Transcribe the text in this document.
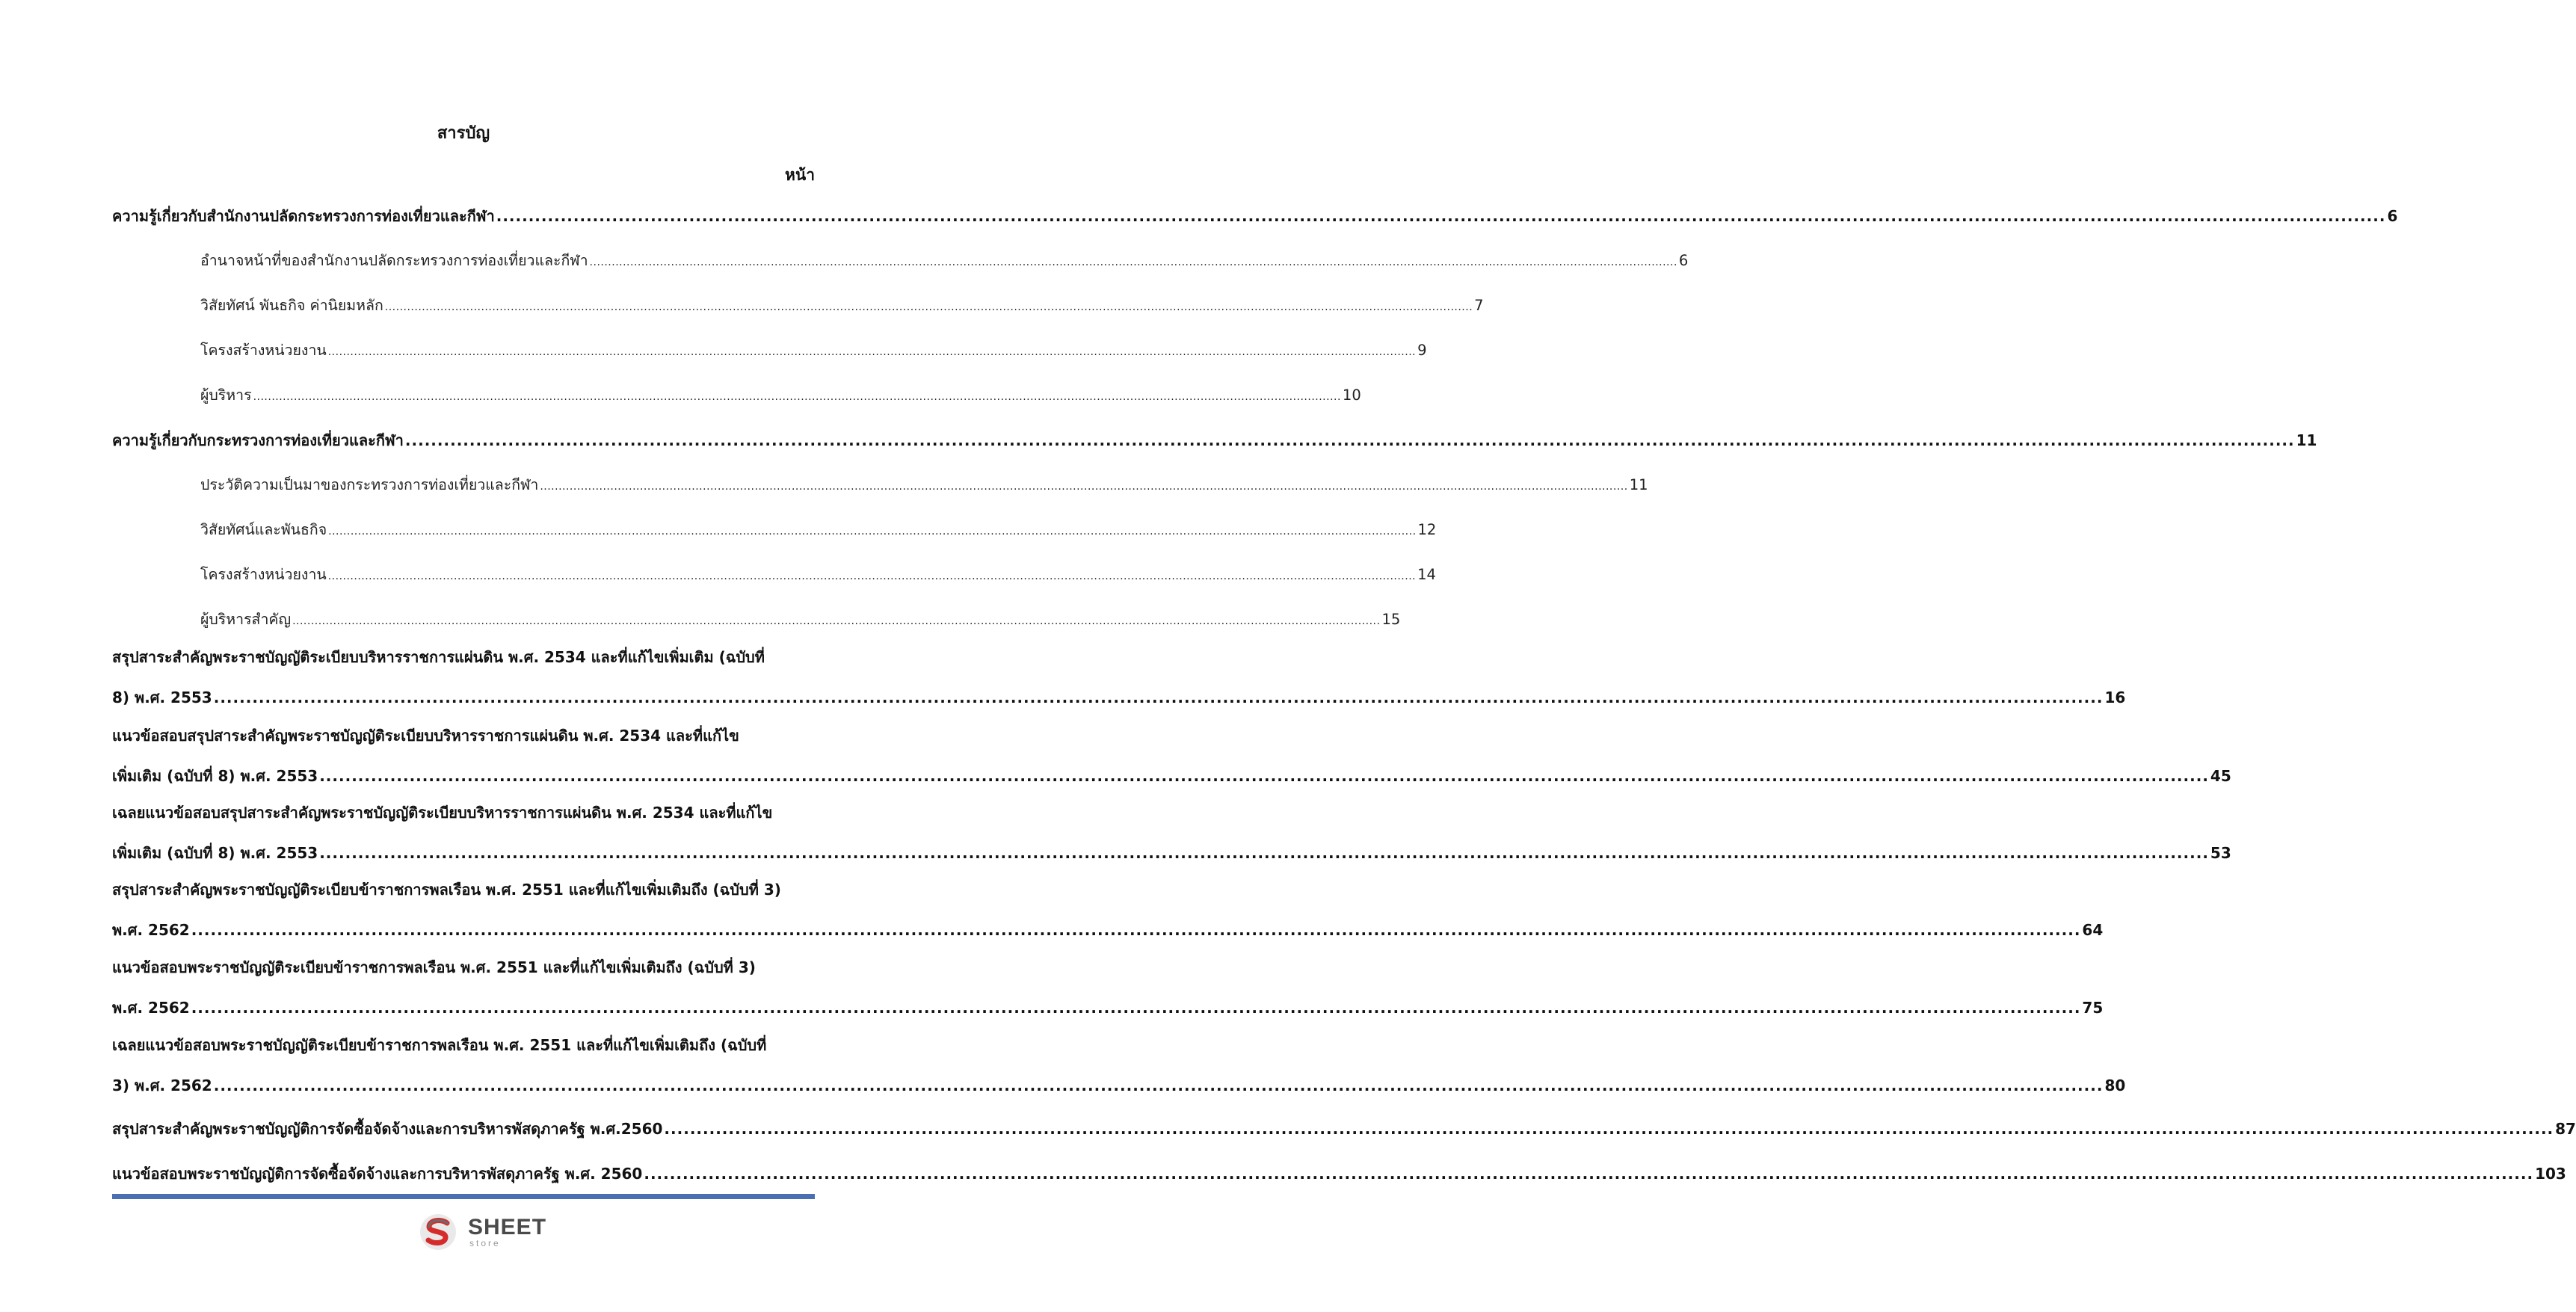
สารบัญ
หน้า
ความรู้เกี่ยวกับสำนักงานปลัดกระทรวงการท่องเที่ยวและกีฬา ...................................................................................................................................................................................................................................................................................................... 6
อำนาจหน้าที่ของสำนักงานปลัดกระทรวงการท่องเที่ยวและกีฬา ...................................................................................................................................................................................................................................................................................................... 6
วิสัยทัศน์ พันธกิจ ค่านิยมหลัก ...................................................................................................................................................................................................................................................................................................... 7
โครงสร้างหน่วยงาน ...................................................................................................................................................................................................................................................................................................... 9
ผู้บริหาร ...................................................................................................................................................................................................................................................................................................... 10
ความรู้เกี่ยวกับกระทรวงการท่องเที่ยวและกีฬา ...................................................................................................................................................................................................................................................................................................... 11
ประวัติความเป็นมาของกระทรวงการท่องเที่ยวและกีฬา ...................................................................................................................................................................................................................................................................................................... 11
วิสัยทัศน์และพันธกิจ ...................................................................................................................................................................................................................................................................................................... 12
โครงสร้างหน่วยงาน ...................................................................................................................................................................................................................................................................................................... 14
ผู้บริหารสำคัญ ...................................................................................................................................................................................................................................................................................................... 15
สรุปสาระสำคัญพระราชบัญญัติระเบียบบริหารราชการแผ่นดิน พ.ศ. 2534 และที่แก้ไขเพิ่มเติม (ฉบับที่
8) พ.ศ. 2553 ...................................................................................................................................................................................................................................................................................................... 16
แนวข้อสอบสรุปสาระสำคัญพระราชบัญญัติระเบียบบริหารราชการแผ่นดิน พ.ศ. 2534 และที่แก้ไข
เพิ่มเติม (ฉบับที่ 8) พ.ศ. 2553 ...................................................................................................................................................................................................................................................................................................... 45
เฉลยแนวข้อสอบสรุปสาระสำคัญพระราชบัญญัติระเบียบบริหารราชการแผ่นดิน พ.ศ. 2534 และที่แก้ไข
เพิ่มเติม (ฉบับที่ 8) พ.ศ. 2553 ...................................................................................................................................................................................................................................................................................................... 53
สรุปสาระสำคัญพระราชบัญญัติระเบียบข้าราชการพลเรือน พ.ศ. 2551 และที่แก้ไขเพิ่มเติมถึง (ฉบับที่ 3)
พ.ศ. 2562 ...................................................................................................................................................................................................................................................................................................... 64
แนวข้อสอบพระราชบัญญัติระเบียบข้าราชการพลเรือน พ.ศ. 2551 และที่แก้ไขเพิ่มเติมถึง (ฉบับที่ 3)
พ.ศ. 2562 ...................................................................................................................................................................................................................................................................................................... 75
เฉลยแนวข้อสอบพระราชบัญญัติระเบียบข้าราชการพลเรือน พ.ศ. 2551 และที่แก้ไขเพิ่มเติมถึง (ฉบับที่
3) พ.ศ. 2562 ...................................................................................................................................................................................................................................................................................................... 80
สรุปสาระสำคัญพระราชบัญญัติการจัดซื้อจัดจ้างและการบริหารพัสดุภาครัฐ พ.ศ.2560 ...................................................................................................................................................................................................................................................................................................... 87
แนวข้อสอบพระราชบัญญัติการจัดซื้อจัดจ้างและการบริหารพัสดุภาครัฐ พ.ศ. 2560 ...................................................................................................................................................................................................................................................................................................... 103
SHEET
store
